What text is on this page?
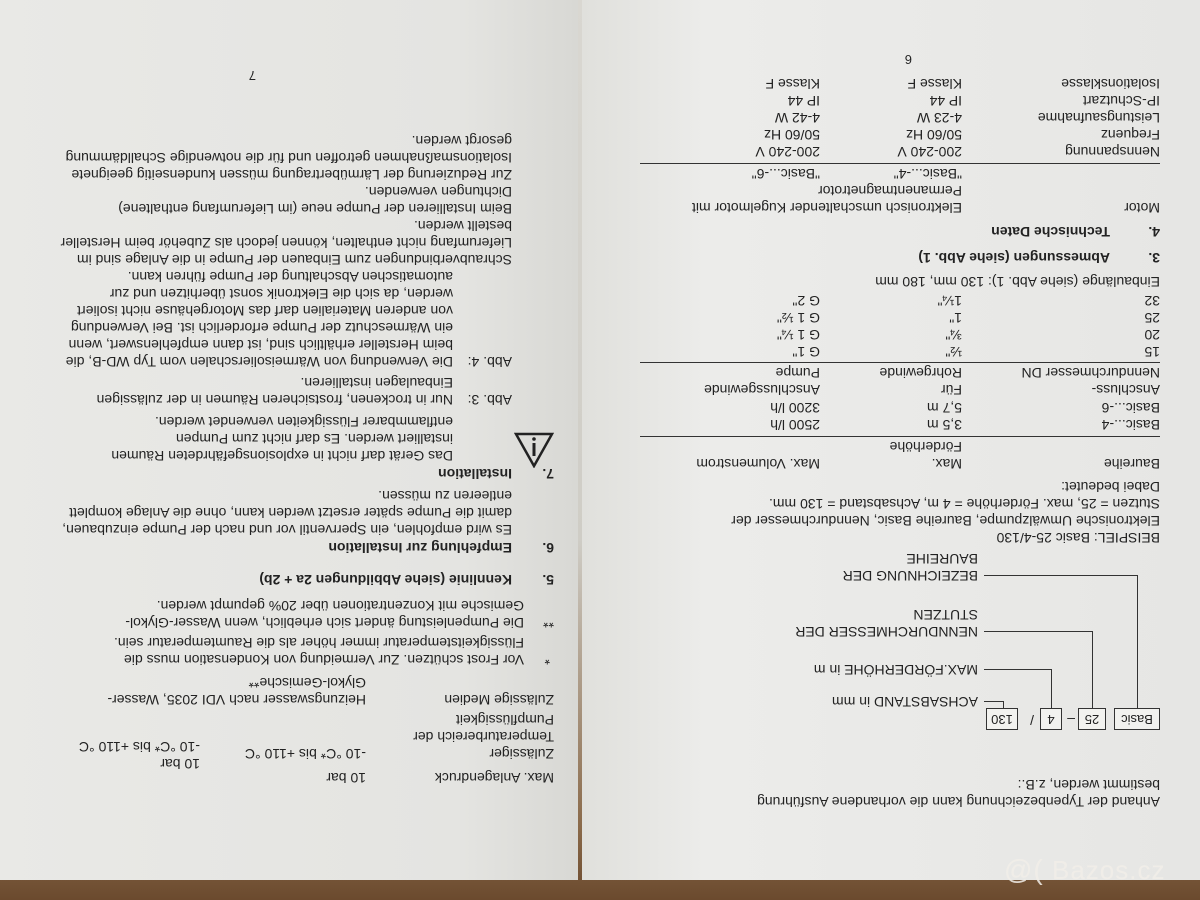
Anhand der Typenbezeichnung kann die vorhandene Ausführung
bestimmt werden, z.B.:
Basic
25
–
4
/
130
ACHSABSTAND in mm
MAX.FÖRDERHÖHE in m
NENNDURCHMESSER DER
STUTZEN
BEZEICHNUNG DER
BAUREIHE
BEISPIEL: Basic 25-4/130
Elektronische Umwälzpumpe, Baureihe Basic, Nenndurchmesser der
Stutzen = 25, max. Förderhöhe = 4 m, Achsabstand = 130 mm.
Dabei bedeutet:
Baureihe
Max.
Max. Volumenstrom
Förderhöhe
Basic...-4
3,5 m
2500 l/h
Basic...-6
5,7 m
3200 l/h
Anschluss-
Für
Anschlussgewinde
Nenndurchmesser DN
Rohrgewinde
Pumpe
15
½"
G 1"
20
¾"
G 1 ¼"
25
1"
G 1 ½"
32
1¼"
G 2"
Einbaulänge (siehe Abb. 1): 130 mm, 180 mm
3.
Abmessungen (siehe Abb. 1)
4.
Technische Daten
Motor
Elektronisch umschaltender Kugelmotor mit
Permanentmagnetrotor
"Basic...-4"
"Basic...-6"
Nennspannung
200-240 V
200-240 V
Frequenz
50/60 Hz
50/60 Hz
Leistungsaufnahme
4-23 W
4-42 W
IP-Schutzart
IP 44
IP 44
Isolationsklasse
Klasse F
Klasse F
6
Max. Anlagendruck
10 bar
10 bar
Zulässiger
Temperaturbereich der
Pumpflüssigkeit
-10 °C* bis +110 °C
-10 °C* bis +110 °C
Zulässige Medien
Heizungswasser nach VDI 2035, Wasser-
Glykol-Gemische**
*
Vor Frost schützen. Zur Vermeidung von Kondensation muss die
Flüssigkeitstemperatur immer höher als die Raumtemperatur sein.
**
Die Pumpenleistung ändert sich erheblich, wenn Wasser-Glykol-
Gemische mit Konzentrationen über 20% gepumpt werden.
5.
Kennlinie (siehe Abbildungen 2a + 2b)
6.
Empfehlung zur Installation
Es wird empfohlen, ein Sperrventil vor und nach der Pumpe einzubauen,
damit die Pumpe später ersetzt werden kann, ohne die Anlage komplett
entleeren zu müssen.
7.
Installation
Das Gerät darf nicht in explosionsgefährdeten Räumen
installiert werden. Es darf nicht zum Pumpen
entflammbarer Flüssigkeiten verwendet werden.
Abb. 3:
Nur in trockenen, frostsicheren Räumen in der zulässigen
Einbaulagen installieren.
Abb. 4:
Die Verwendung von Wärmeisolierschalen vom Typ WD-B, die
beim Hersteller erhältlich sind, ist dann empfehlenswert, wenn
ein Wärmeschutz der Pumpe erforderlich ist. Bei Verwendung
von anderen Materialien darf das Motorgehäuse nicht isoliert
werden, da sich die Elektronik sonst überhitzen und zur
automatischen Abschaltung der Pumpe führen kann.
Schraubverbindungen zum Einbauen der Pumpe in die Anlage sind im
Lieferumfang nicht enthalten, können jedoch als Zubehör beim Hersteller
bestellt werden.
Beim Installieren der Pumpe neue (im Lieferumfang enthaltene)
Dichtungen verwenden.
Zur Reduzierung der Lärmübertragung müssen kundenseitig geeignete
Isolationsmaßnahmen getroffen und für die notwendige Schalldämmung
gesorgt werden.
7
@( Bazos.cz
